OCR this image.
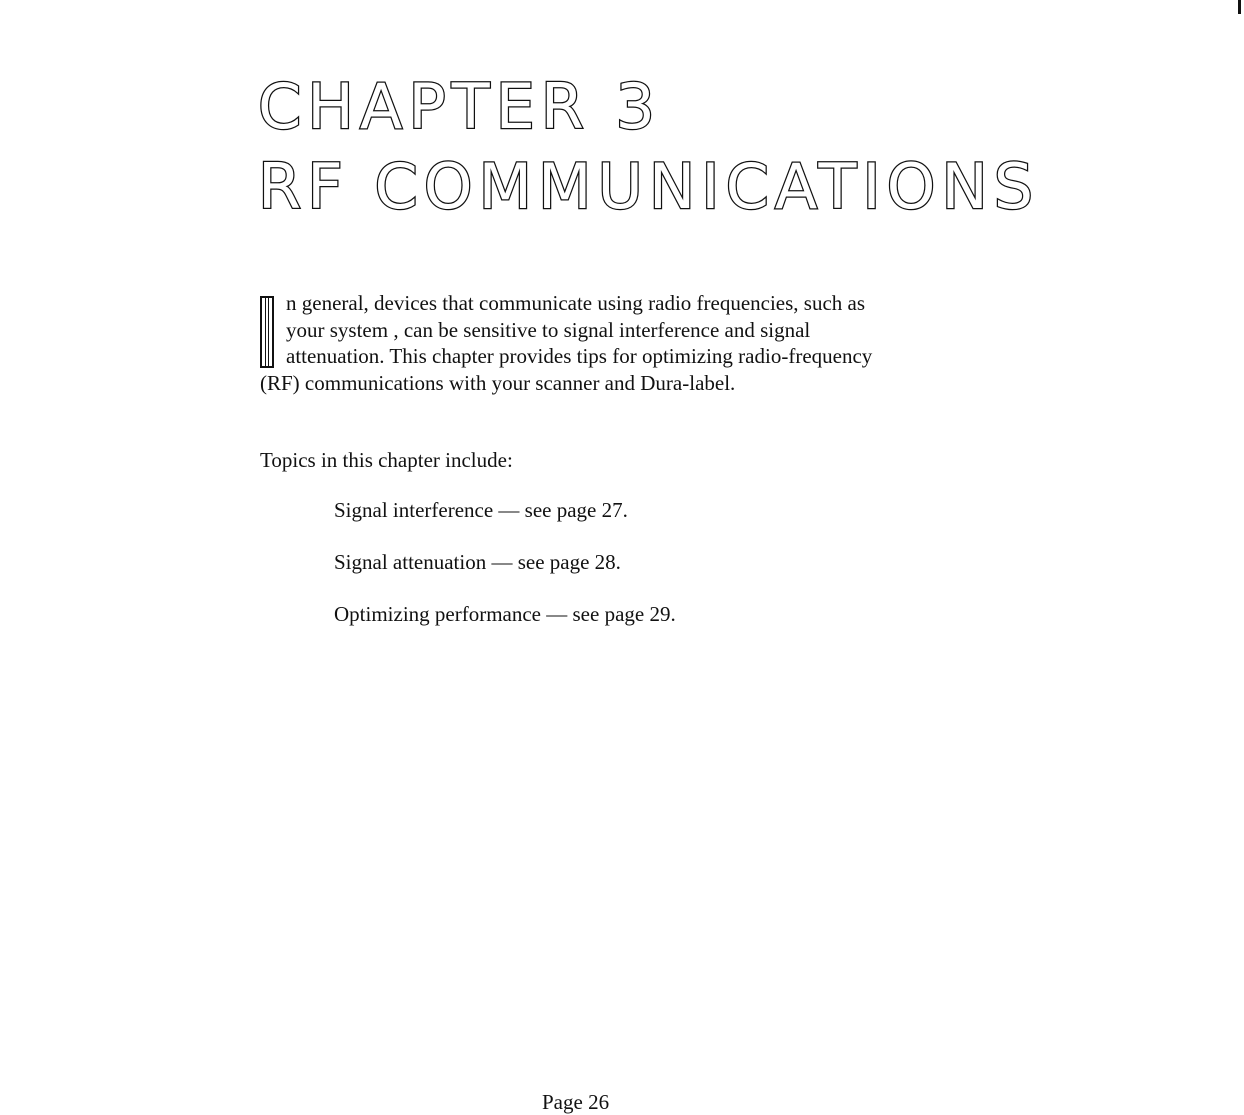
CHAPTER 3
RF COMMUNICATIONS

n general, devices that communicate using radio frequencies, such as your system , can be sensitive to signal interference and signal attenuation. This chapter provides tips for optimizing radio-frequency (RF) communications with your scanner and Dura-label.

Topics in this chapter include:

Signal interference — see page 27.
Signal attenuation — see page 28.
Optimizing performance — see page 29.

Page 26
